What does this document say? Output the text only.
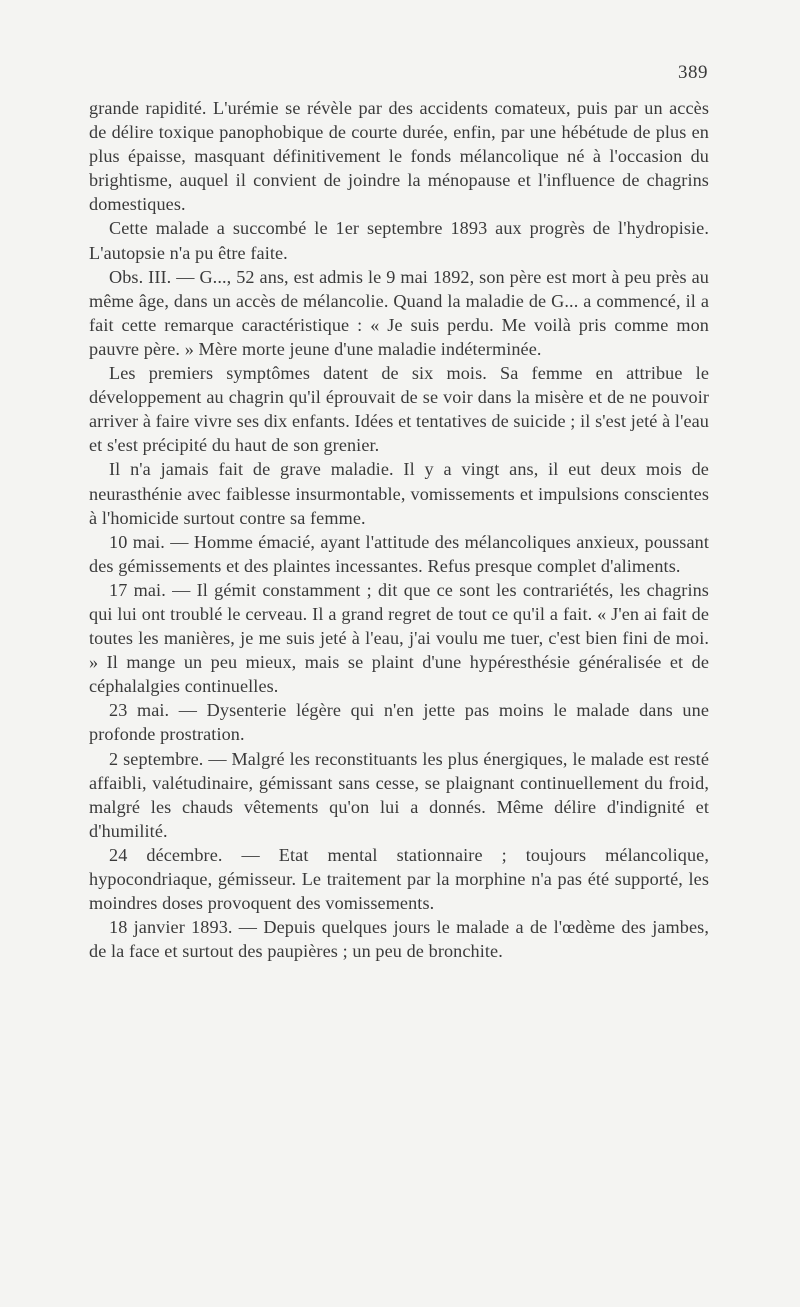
389

grande rapidité. L'urémie se révèle par des accidents comateux, puis par un accès de délire toxique panophobique de courte durée, enfin, par une hébétude de plus en plus épaisse, masquant définitivement le fonds mélancolique né à l'occasion du brightisme, auquel il convient de joindre la ménopause et l'influence de chagrins domestiques.

Cette malade a succombé le 1er septembre 1893 aux progrès de l'hydropisie. L'autopsie n'a pu être faite.

Obs. III. — G..., 52 ans, est admis le 9 mai 1892, son père est mort à peu près au même âge, dans un accès de mélancolie. Quand la maladie de G... a commencé, il a fait cette remarque caractéristique : « Je suis perdu. Me voilà pris comme mon pauvre père. » Mère morte jeune d'une maladie indéterminée.

Les premiers symptômes datent de six mois. Sa femme en attribue le développement au chagrin qu'il éprouvait de se voir dans la misère et de ne pouvoir arriver à faire vivre ses dix enfants. Idées et tentatives de suicide ; il s'est jeté à l'eau et s'est précipité du haut de son grenier.

Il n'a jamais fait de grave maladie. Il y a vingt ans, il eut deux mois de neurasthénie avec faiblesse insurmontable, vomissements et impulsions conscientes à l'homicide surtout contre sa femme.

10 mai. — Homme émacié, ayant l'attitude des mélancoliques anxieux, poussant des gémissements et des plaintes incessantes. Refus presque complet d'aliments.

17 mai. — Il gémit constamment ; dit que ce sont les contrariétés, les chagrins qui lui ont troublé le cerveau. Il a grand regret de tout ce qu'il a fait. « J'en ai fait de toutes les manières, je me suis jeté à l'eau, j'ai voulu me tuer, c'est bien fini de moi. » Il mange un peu mieux, mais se plaint d'une hypéresthésie généralisée et de céphalalgies continuelles.

23 mai. — Dysenterie légère qui n'en jette pas moins le malade dans une profonde prostration.

2 septembre. — Malgré les reconstituants les plus énergiques, le malade est resté affaibli, valétudinaire, gémissant sans cesse, se plaignant continuellement du froid, malgré les chauds vêtements qu'on lui a donnés. Même délire d'indignité et d'humilité.

24 décembre. — Etat mental stationnaire ; toujours mélancolique, hypocondriaque, gémisseur. Le traitement par la morphine n'a pas été supporté, les moindres doses provoquent des vomissements.

18 janvier 1893. — Depuis quelques jours le malade a de l'œdème des jambes, de la face et surtout des paupières ; un peu de bronchite.
